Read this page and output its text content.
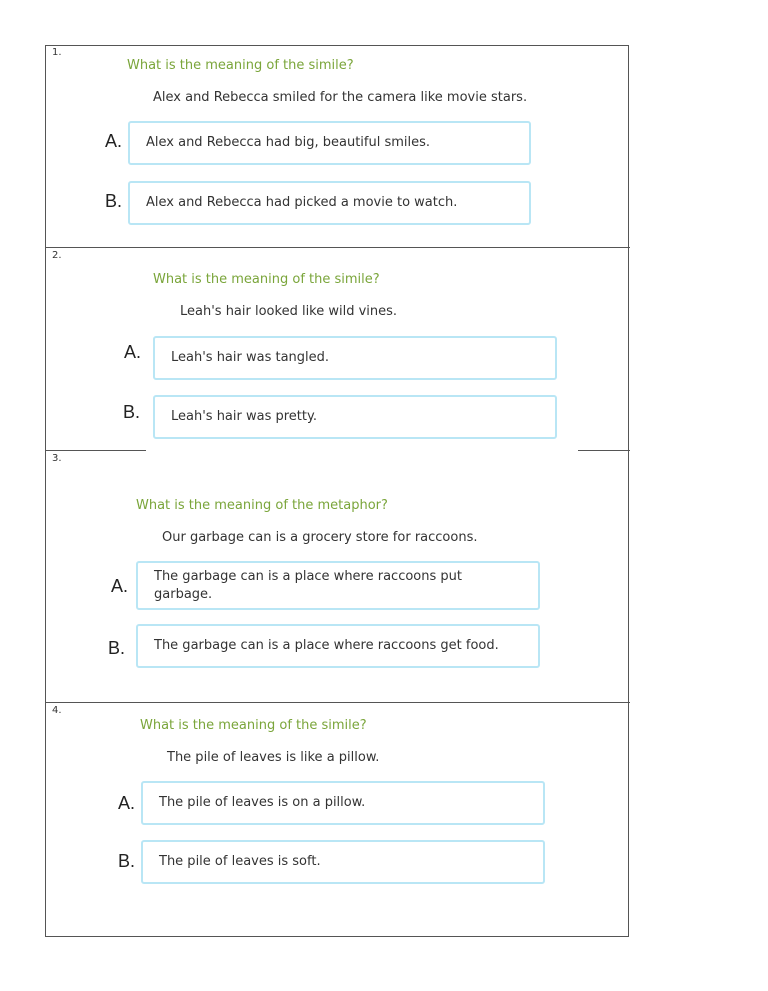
1.
What is the meaning of the simile?
Alex and Rebecca smiled for the camera like movie stars.
A. Alex and Rebecca had big, beautiful smiles.
B. Alex and Rebecca had picked a movie to watch.
2.
What is the meaning of the simile?
Leah's hair looked like wild vines.
A. Leah's hair was tangled.
B. Leah's hair was pretty.
3.
What is the meaning of the metaphor?
Our garbage can is a grocery store for raccoons.
A. The garbage can is a place where raccoons put garbage.
B. The garbage can is a place where raccoons get food.
4.
What is the meaning of the simile?
The pile of leaves is like a pillow.
A. The pile of leaves is on a pillow.
B. The pile of leaves is soft.
